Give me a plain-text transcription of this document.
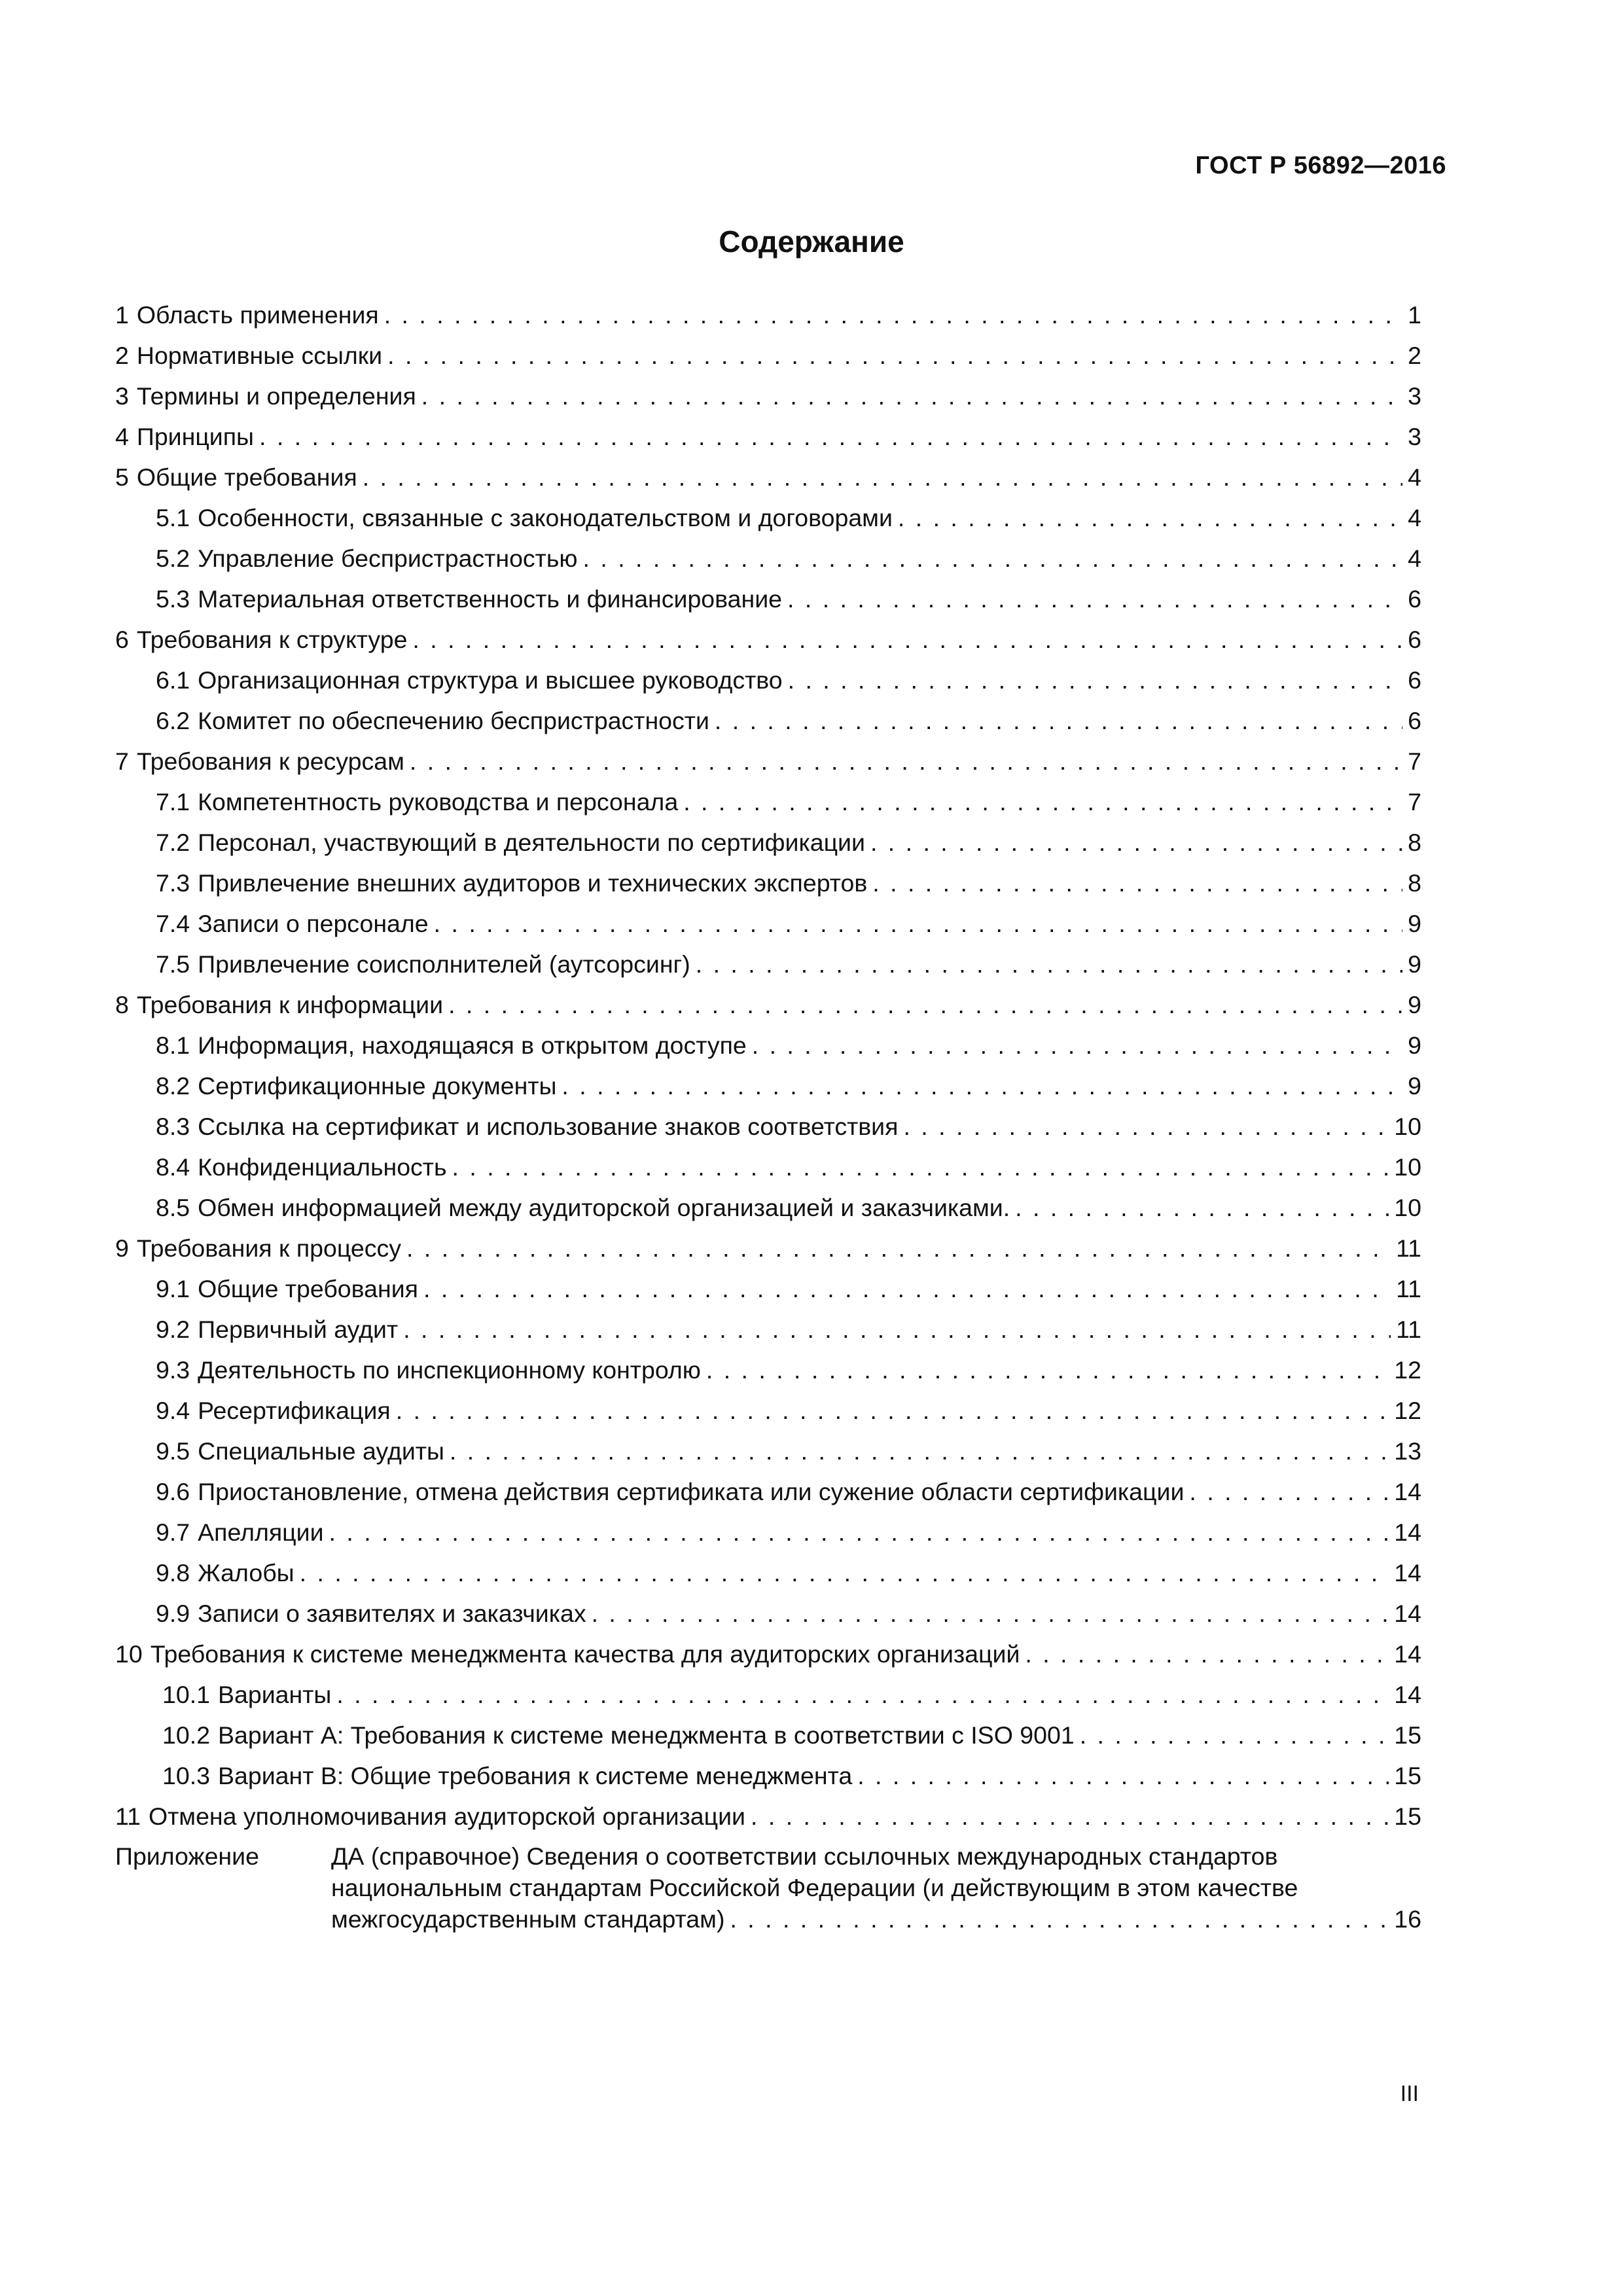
ГОСТ Р 56892—2016
Содержание
1 Область применения . . .	1
2 Нормативные ссылки . . .	2
3 Термины и определения . . .	3
4 Принципы . . .	3
5 Общие требования . . .	4
5.1 Особенности, связанные с законодательством и договорами . . .	4
5.2 Управление беспристрастностью . . .	4
5.3 Материальная ответственность и финансирование . . .	6
6 Требования к структуре . . .	6
6.1 Организационная структура и высшее руководство . . .	6
6.2 Комитет по обеспечению беспристрастности . . .	6
7 Требования к ресурсам . . .	7
7.1 Компетентность руководства и персонала . . .	7
7.2 Персонал, участвующий в деятельности по сертификации . . .	8
7.3 Привлечение внешних аудиторов и технических экспертов . . .	8
7.4 Записи о персонале . . .	9
7.5 Привлечение соисполнителей (аутсорсинг) . . .	9
8 Требования к информации . . .	9
8.1 Информация, находящаяся в открытом доступе . . .	9
8.2 Сертификационные документы . . .	9
8.3 Ссылка на сертификат и использование знаков соответствия . . .	10
8.4 Конфиденциальность . . .	10
8.5 Обмен информацией между аудиторской организацией и заказчиками. . . .	10
9 Требования к процессу . . .	11
9.1 Общие требования . . .	11
9.2 Первичный аудит . . .	11
9.3 Деятельность по инспекционному контролю . . .	12
9.4 Ресертификация . . .	12
9.5 Специальные аудиты . . .	13
9.6 Приостановление, отмена действия сертификата или сужение области сертификации . . .	14
9.7 Апелляции . . .	14
9.8 Жалобы . . .	14
9.9 Записи о заявителях и заказчиках . . .	14
10 Требования к системе менеджмента качества для аудиторских организаций . . .	14
10.1 Варианты . . .	14
10.2 Вариант А: Требования к системе менеджмента в соответствии с ISO 9001 . . .	15
10.3 Вариант В: Общие требования к системе менеджмента . . .	15
11 Отмена уполномочивания аудиторской организации . . .	15
Приложение	ДА (справочное) Сведения о соответствии ссылочных международных стандартов
национальным стандартам Российской Федерации (и действующим в этом качестве
межгосударственным стандартам) . . .	16
III
